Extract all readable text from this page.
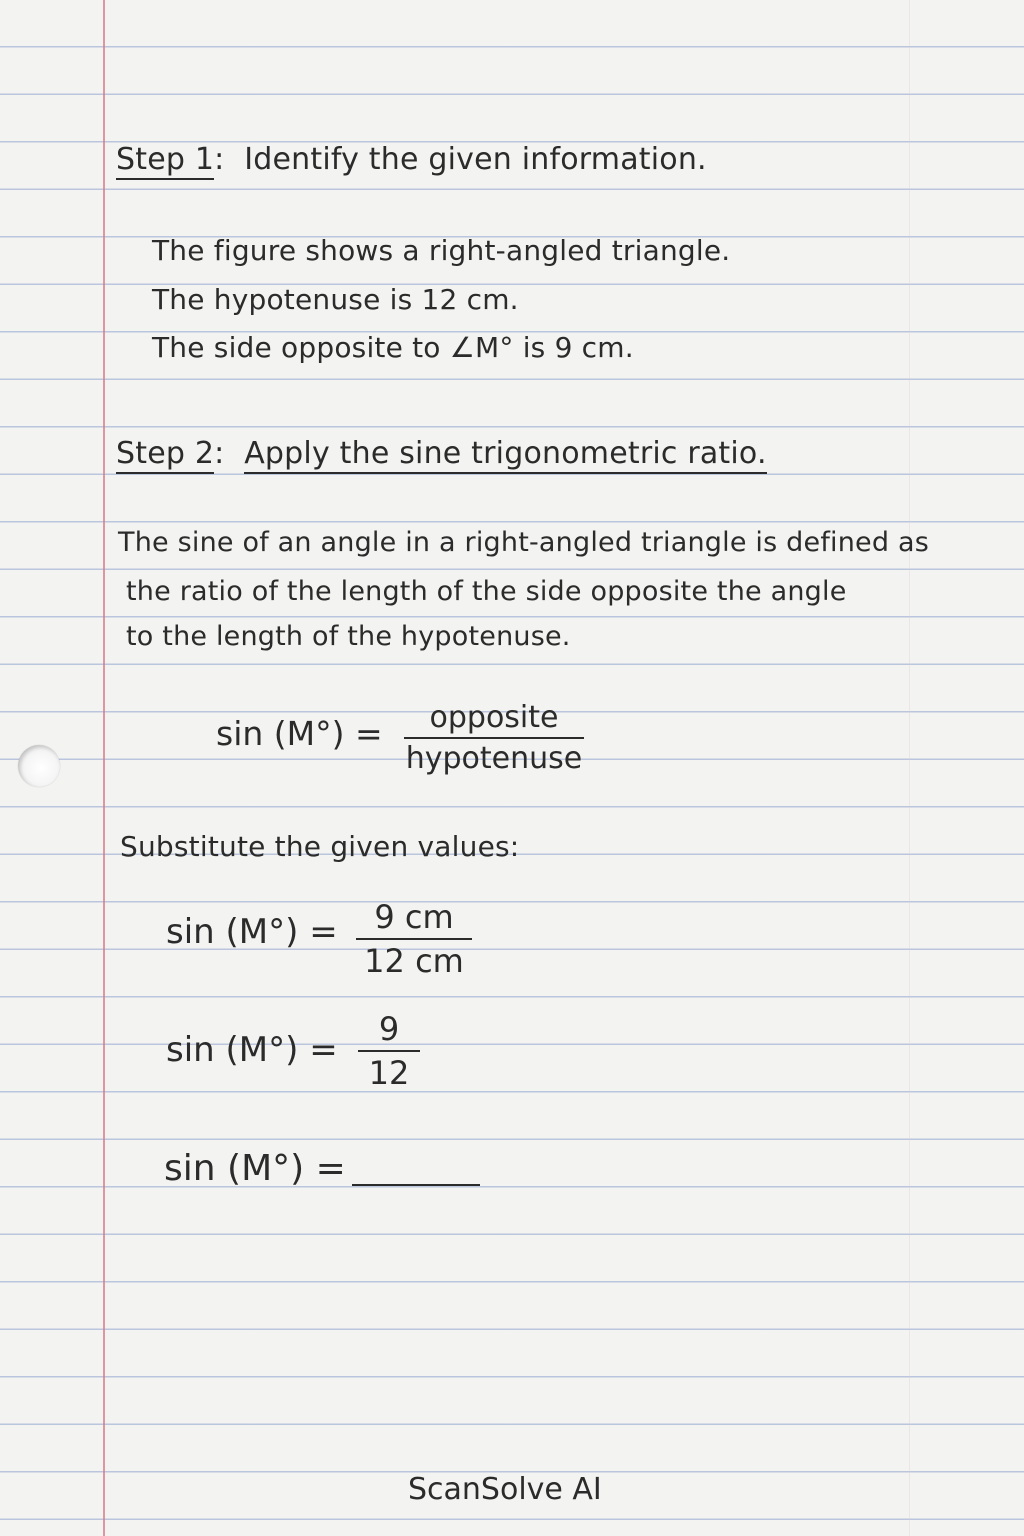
Step 1: Identify the given information.
The figure shows a right-angled triangle.
The hypotenuse is 12 cm.
The side opposite to ∠M° is 9 cm.
Step 2: Apply the sine trigonometric ratio.
The sine of an angle in a right-angled triangle is defined as
the ratio of the length of the side opposite the angle
to the length of the hypotenuse.
sin (M°) =	opposite
hypotenuse
Substitute the given values:
sin (M°) =	9 cm
12 cm
sin (M°) =
9
12
sin (M°) =
ScanSolve AI
